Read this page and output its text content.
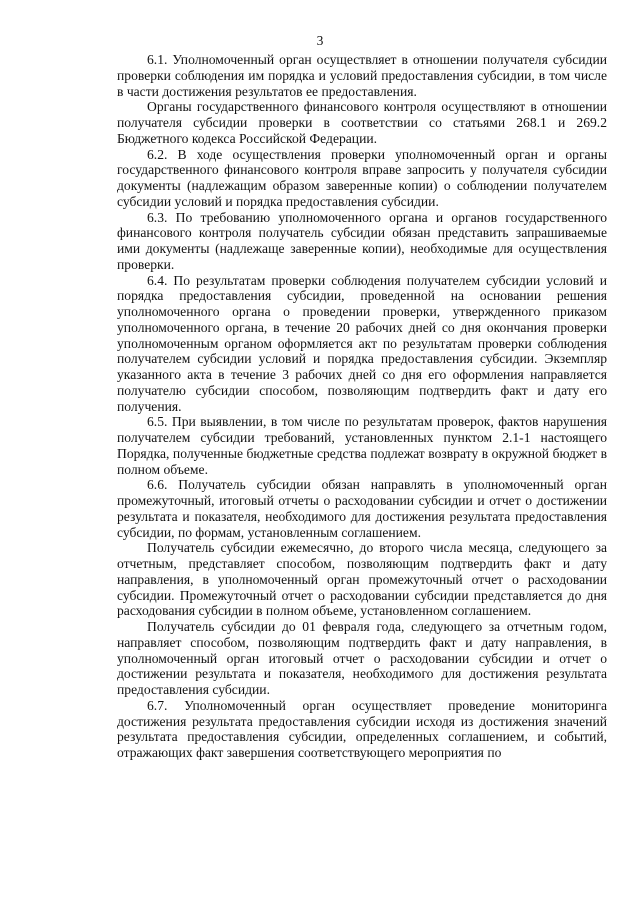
3

6.1. Уполномоченный орган осуществляет в отношении получателя субсидии проверки соблюдения им порядка и условий предоставления субсидии, в том числе в части достижения результатов ее предоставления.

Органы государственного финансового контроля осуществляют в отношении получателя субсидии проверки в соответствии со статьями 268.1 и 269.2 Бюджетного кодекса Российской Федерации.

6.2. В ходе осуществления проверки уполномоченный орган и органы государственного финансового контроля вправе запросить у получателя субсидии документы (надлежащим образом заверенные копии) о соблюдении получателем субсидии условий и порядка предоставления субсидии.

6.3. По требованию уполномоченного органа и органов государственного финансового контроля получатель субсидии обязан представить запрашиваемые ими документы (надлежаще заверенные копии), необходимые для осуществления проверки.

6.4. По результатам проверки соблюдения получателем субсидии условий и порядка предоставления субсидии, проведенной на основании решения уполномоченного органа о проведении проверки, утвержденного приказом уполномоченного органа, в течение 20 рабочих дней со дня окончания проверки уполномоченным органом оформляется акт по результатам проверки соблюдения получателем субсидии условий и порядка предоставления субсидии. Экземпляр указанного акта в течение 3 рабочих дней со дня его оформления направляется получателю субсидии способом, позволяющим подтвердить факт и дату его получения.

6.5. При выявлении, в том числе по результатам проверок, фактов нарушения получателем субсидии требований, установленных пунктом 2.1-1 настоящего Порядка, полученные бюджетные средства подлежат возврату в окружной бюджет в полном объеме.

6.6. Получатель субсидии обязан направлять в уполномоченный орган промежуточный, итоговый отчеты о расходовании субсидии и отчет о достижении результата и показателя, необходимого для достижения результата предоставления субсидии, по формам, установленным соглашением.

Получатель субсидии ежемесячно, до второго числа месяца, следующего за отчетным, представляет способом, позволяющим подтвердить факт и дату направления, в уполномоченный орган промежуточный отчет о расходовании субсидии. Промежуточный отчет о расходовании субсидии представляется до дня расходования субсидии в полном объеме, установленном соглашением.

Получатель субсидии до 01 февраля года, следующего за отчетным годом, направляет способом, позволяющим подтвердить факт и дату направления, в уполномоченный орган итоговый отчет о расходовании субсидии и отчет о достижении результата и показателя, необходимого для достижения результата предоставления субсидии.

6.7. Уполномоченный орган осуществляет проведение мониторинга достижения результата предоставления субсидии исходя из достижения значений результата предоставления субсидии, определенных соглашением, и событий, отражающих факт завершения соответствующего мероприятия по
